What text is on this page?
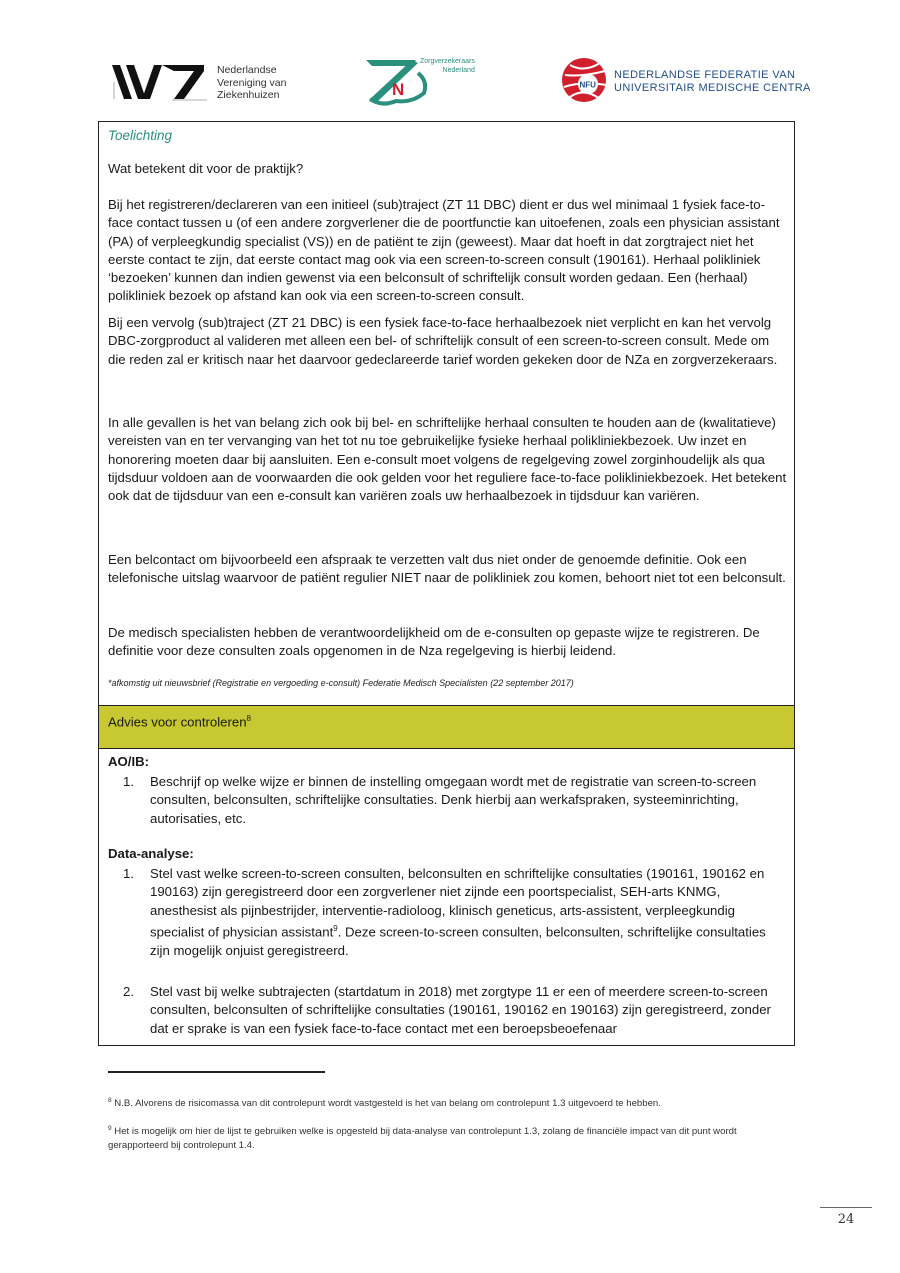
Nederlandse
Vereniging van
Ziekenhuizen	N
Zorgverzekeraars
Nederland
NFU
NEDERLANDSE FEDERATIE VAN
UNIVERSITAIR MEDISCHE CENTRA
Toelichting
Wat betekent dit voor de praktijk?
Bij het registreren/declareren van een initieel (sub)traject (ZT 11 DBC) dient er dus wel minimaal 1 fysiek face-to-face contact tussen u (of een andere zorgverlener die de poortfunctie kan uitoefenen, zoals een physician assistant (PA) of verpleegkundig specialist (VS)) en de patiënt te zijn (geweest). Maar dat hoeft in dat zorgtraject niet het eerste contact te zijn, dat eerste contact mag ook via een screen-to-screen consult (190161). Herhaal polikliniek ‘bezoeken’ kunnen dan indien gewenst via een belconsult of schriftelijk consult worden gedaan. Een (herhaal) polikliniek bezoek op afstand kan ook via een screen-to-screen consult.
Bij een vervolg (sub)traject (ZT 21 DBC) is een fysiek face-to-face herhaalbezoek niet verplicht en kan het vervolg DBC-zorgproduct al valideren met alleen een bel- of schriftelijk consult of een screen-to-screen consult. Mede om die reden zal er kritisch naar het daarvoor gedeclareerde tarief worden gekeken door de NZa en zorgverzekeraars.
In alle gevallen is het van belang zich ook bij bel- en schriftelijke herhaal consulten te houden aan de (kwalitatieve) vereisten van en ter vervanging van het tot nu toe gebruikelijke fysieke herhaal polikliniekbezoek. Uw inzet en honorering moeten daar bij aansluiten. Een e-consult moet volgens de regelgeving zowel zorginhoudelijk als qua tijdsduur voldoen aan de voorwaarden die ook gelden voor het reguliere face-to-face polikliniekbezoek. Het betekent ook dat de tijdsduur van een e-consult kan variëren zoals uw herhaalbezoek in tijdsduur kan variëren.
Een belcontact om bijvoorbeeld een afspraak te verzetten valt dus niet onder de genoemde definitie. Ook een telefonische uitslag waarvoor de patiënt regulier NIET naar de polikliniek zou komen, behoort niet tot een belconsult.
De medisch specialisten hebben de verantwoordelijkheid om de e-consulten op gepaste wijze te registreren. De definitie voor deze consulten zoals opgenomen in de Nza regelgeving is hierbij leidend.
*afkomstig uit nieuwsbrief (Registratie en vergoeding e-consult) Federatie Medisch Specialisten (22 september 2017)
Advies voor controleren$^8$
AO/IB:
1.	Beschrijf op welke wijze er binnen de instelling omgegaan wordt met de registratie van screen-to-screen consulten, belconsulten, schriftelijke consultaties. Denk hierbij aan werkafspraken, systeeminrichting, autorisaties, etc.
Data-analyse:
1.	Stel vast welke screen-to-screen consulten, belconsulten en schriftelijke consultaties (190161, 190162 en 190163) zijn geregistreerd door een zorgverlener niet zijnde een poortspecialist, SEH-arts KNMG, anesthesist als pijnbestrijder, interventie-radioloog, klinisch geneticus, arts-assistent, verpleegkundig specialist of physician assistant$^9$. Deze screen-to-screen consulten, belconsulten, schriftelijke consultaties zijn mogelijk onjuist geregistreerd.
2.	Stel vast bij welke subtrajecten (startdatum in 2018) met zorgtype 11 er een of meerdere screen-to-screen consulten, belconsulten of schriftelijke consultaties (190161, 190162 en 190163) zijn geregistreerd, zonder dat er sprake is van een fysiek face-to-face contact met een beroepsbeoefenaar
$^8$ N.B. Alvorens de risicomassa van dit controlepunt wordt vastgesteld is het van belang om controlepunt 1.3 uitgevoerd te hebben.
$^9$ Het is mogelijk om hier de lijst te gebruiken welke is opgesteld bij data-analyse van controlepunt 1.3, zolang de financiële impact van dit punt wordt gerapporteerd bij controlepunt 1.4.
24
